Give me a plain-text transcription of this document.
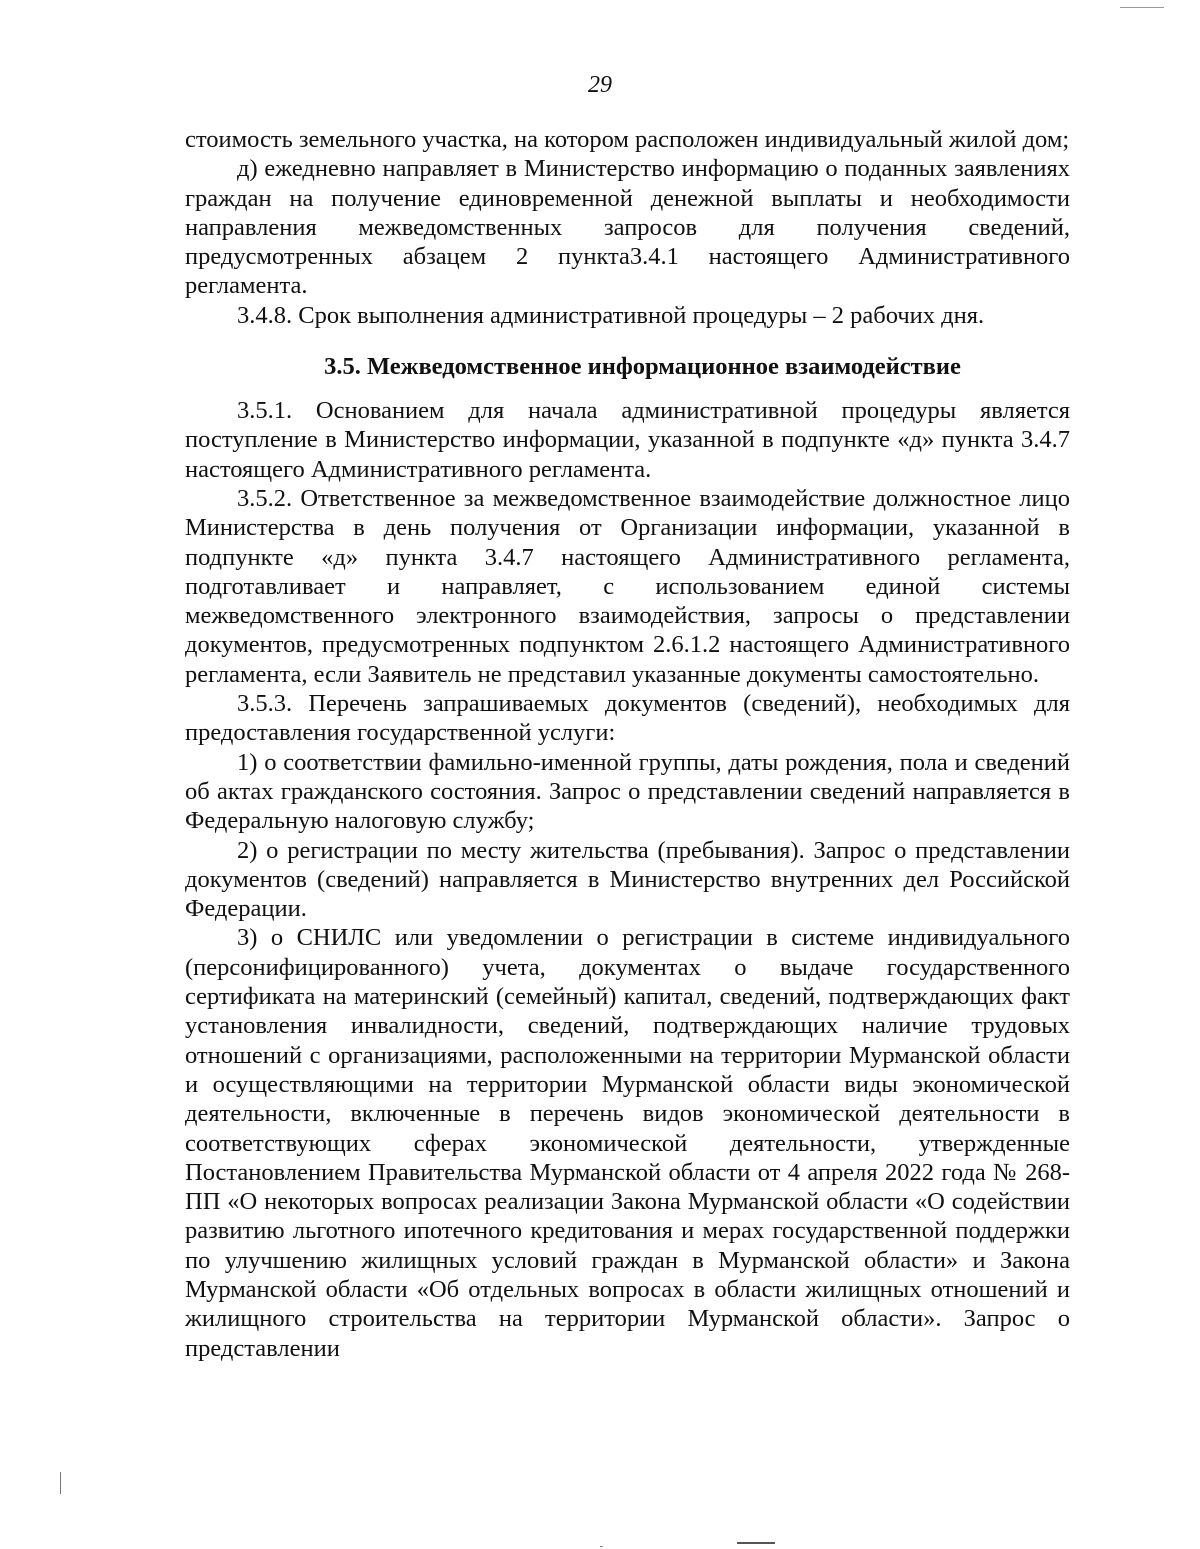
29

стоимость земельного участка, на котором расположен индивидуальный жилой дом;

д) ежедневно направляет в Министерство информацию о поданных заявлениях граждан на получение единовременной денежной выплаты и необходимости направления межведомственных запросов для получения сведений, предусмотренных абзацем 2 пункта3.4.1 настоящего Административного регламента.

3.4.8. Срок выполнения административной процедуры – 2 рабочих дня.

3.5. Межведомственное информационное взаимодействие

3.5.1. Основанием для начала административной процедуры является поступление в Министерство информации, указанной в подпункте «д» пункта 3.4.7 настоящего Административного регламента.

3.5.2. Ответственное за межведомственное взаимодействие должностное лицо Министерства в день получения от Организации информации, указанной в подпункте «д» пункта 3.4.7 настоящего Административного регламента, подготавливает и направляет, с использованием единой системы межведомственного электронного взаимодействия, запросы о представлении документов, предусмотренных подпунктом 2.6.1.2 настоящего Административного регламента, если Заявитель не представил указанные документы самостоятельно.

3.5.3. Перечень запрашиваемых документов (сведений), необходимых для предоставления государственной услуги:

1) о соответствии фамильно-именной группы, даты рождения, пола и сведений об актах гражданского состояния. Запрос о представлении сведений направляется в Федеральную налоговую службу;

2) о регистрации по месту жительства (пребывания). Запрос о представлении документов (сведений) направляется в Министерство внутренних дел Российской Федерации.

3) о СНИЛС или уведомлении о регистрации в системе индивидуального (персонифицированного) учета, документах о выдаче государственного сертификата на материнский (семейный) капитал, сведений, подтверждающих факт установления инвалидности, сведений, подтверждающих наличие трудовых отношений с организациями, расположенными на территории Мурманской области и осуществляющими на территории Мурманской области виды экономической деятельности, включенные в перечень видов экономической деятельности в соответствующих сферах экономической деятельности, утвержденные Постановлением Правительства Мурманской области от 4 апреля 2022 года № 268-ПП «О некоторых вопросах реализации Закона Мурманской области «О содействии развитию льготного ипотечного кредитования и мерах государственной поддержки по улучшению жилищных условий граждан в Мурманской области» и Закона Мурманской области «Об отдельных вопросах в области жилищных отношений и жилищного строительства на территории Мурманской области». Запрос о представлении
